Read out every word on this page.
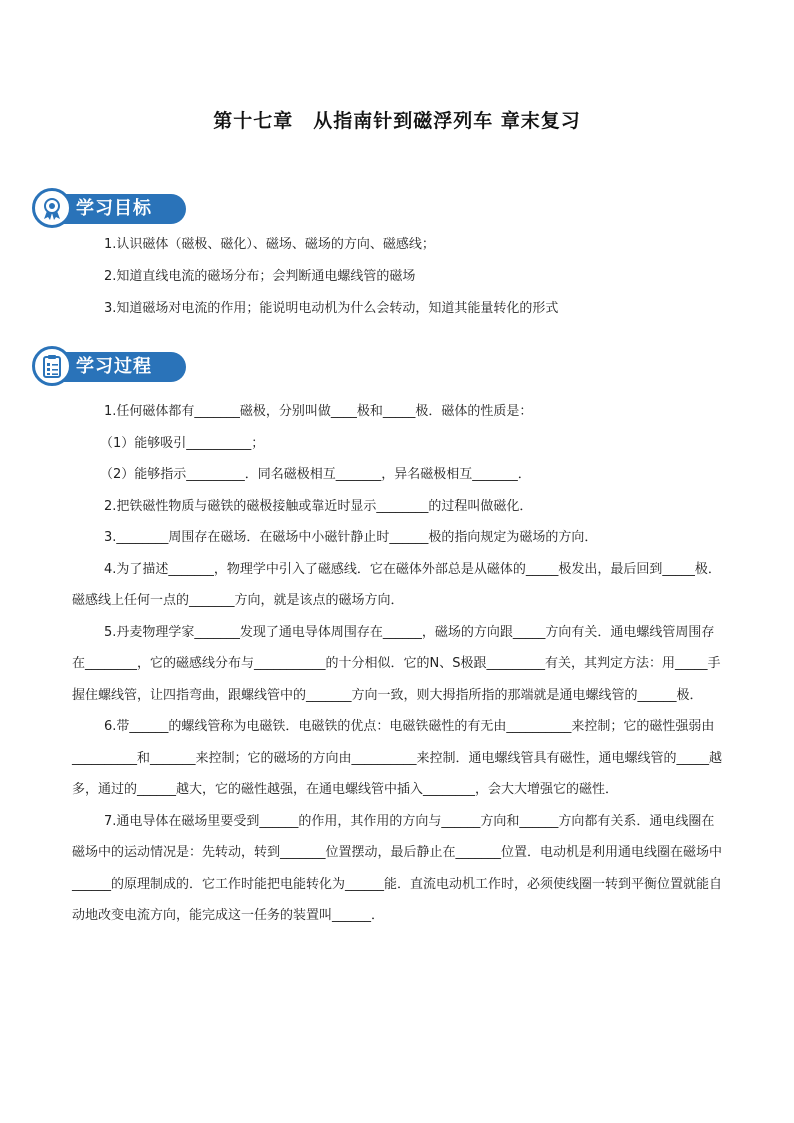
第十七章　从指南针到磁浮列车 章末复习
学习目标
1.认识磁体（磁极、磁化）、磁场、磁场的方向、磁感线；
2.知道直线电流的磁场分布；会判断通电螺线管的磁场
3.知道磁场对电流的作用；能说明电动机为什么会转动，知道其能量转化的形式
学习过程

1.任何磁体都有_______磁极，分别叫做____极和_____极．磁体的性质是：

（1）能够吸引__________；

（2）能够指示_________．同名磁极相互_______，异名磁极相互_______．

2.把铁磁性物质与磁铁的磁极接触或靠近时显示________的过程叫做磁化．

3.________周围存在磁场．在磁场中小磁针静止时______极的指向规定为磁场的方向．

4.为了描述_______，物理学中引入了磁感线．它在磁体外部总是从磁体的_____极发出，最后回到_____极．磁感线上任何一点的_______方向，就是该点的磁场方向．

5.丹麦物理学家_______发现了通电导体周围存在______，磁场的方向跟_____方向有关．通电螺线管周围存在________，它的磁感线分布与___________的十分相似．它的N、S极跟_________有关，其判定方法：用_____手握住螺线管，让四指弯曲，跟螺线管中的_______方向一致，则大拇指所指的那端就是通电螺线管的______极．

6.带______的螺线管称为电磁铁．电磁铁的优点：电磁铁磁性的有无由__________来控制；它的磁性强弱由__________和_______来控制；它的磁场的方向由__________来控制．通电螺线管具有磁性，通电螺线管的_____越多，通过的______越大，它的磁性越强，在通电螺线管中插入________，会大大增强它的磁性．

7.通电导体在磁场里要受到______的作用，其作用的方向与______方向和______方向都有关系．通电线圈在磁场中的运动情况是：先转动，转到_______位置摆动，最后静止在_______位置．电动机是利用通电线圈在磁场中______的原理制成的．它工作时能把电能转化为______能．直流电动机工作时，必须使线圈一转到平衡位置就能自动地改变电流方向，能完成这一任务的装置叫______．
